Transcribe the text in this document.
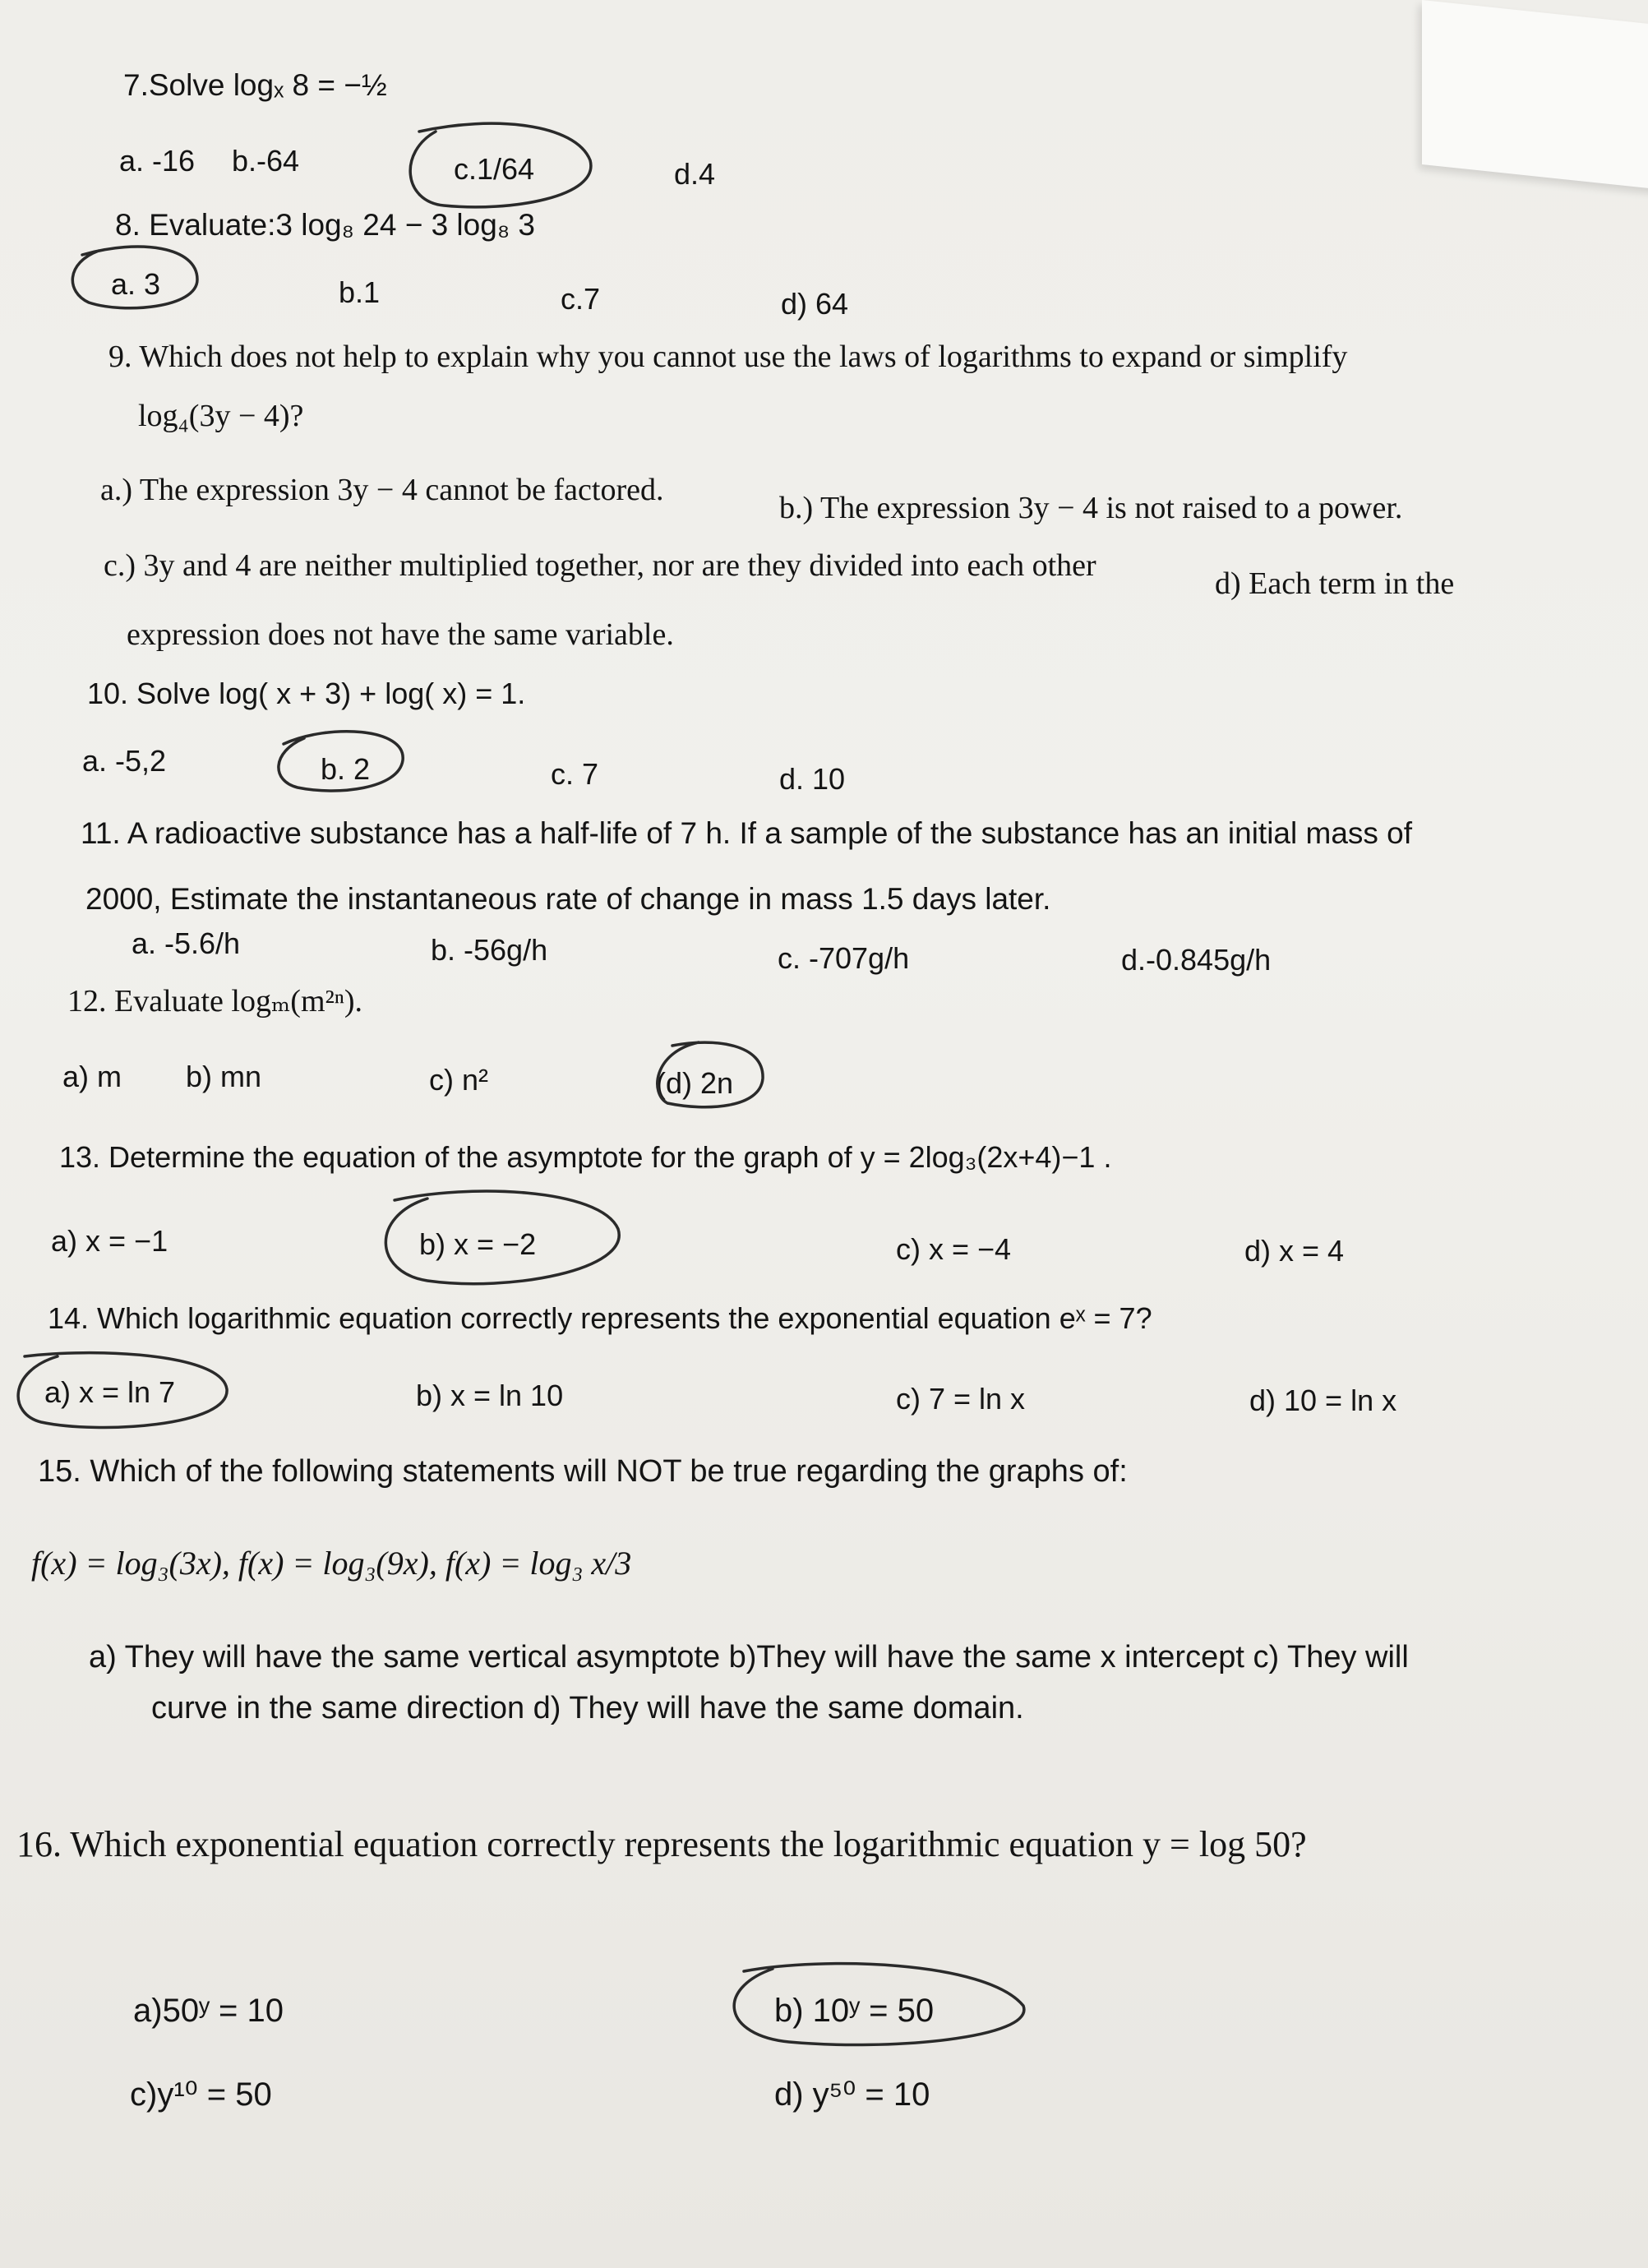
7.Solve logₓ 8 = −½
a. -16 b.-64	c.1/64	d.4
8. Evaluate:3 log₈ 24 − 3 log₈ 3
a. 3	b.1	c.7	d) 64
9. Which does not help to explain why you cannot use the laws of logarithms to expand or simplify
log₄(3y − 4)?
a.) The expression 3y − 4 cannot be factored.
b.) The expression 3y − 4 is not raised to a power.
c.) 3y and 4 are neither multiplied together, nor are they divided into each other
d) Each term in the
expression does not have the same variable.
10. Solve log( x + 3) + log( x) = 1.
a. -5,2	b. 2	c. 7	d. 10
11. A radioactive substance has a half-life of 7 h. If a sample of the substance has an initial mass of
2000, Estimate the instantaneous rate of change in mass 1.5 days later.
a. -5.6/h	b. -56g/h	c. -707g/h	d.-0.845g/h
12. Evaluate logₘ(m²ⁿ).
a) m b) mn	c) n²	(d) 2n
13. Determine the equation of the asymptote for the graph of y = 2log₃(2x+4)−1 .
a) x = −1	b) x = −2	c) x = −4	d) x = 4
14. Which logarithmic equation correctly represents the exponential equation eˣ = 7?
a) x = ln 7	b) x = ln 10	c) 7 = ln x	d) 10 = ln x
15. Which of the following statements will NOT be true regarding the graphs of:
f(x) = log₃(3x), f(x) = log₃(9x), f(x) = log₃ x/3
a) They will have the same vertical asymptote b)They will have the same x intercept c) They will
curve in the same direction d) They will have the same domain.
16. Which exponential equation correctly represents the logarithmic equation y = log 50?
a)50ʸ = 10	b) 10ʸ = 50
c)y¹⁰ = 50	d) y⁵⁰ = 10
